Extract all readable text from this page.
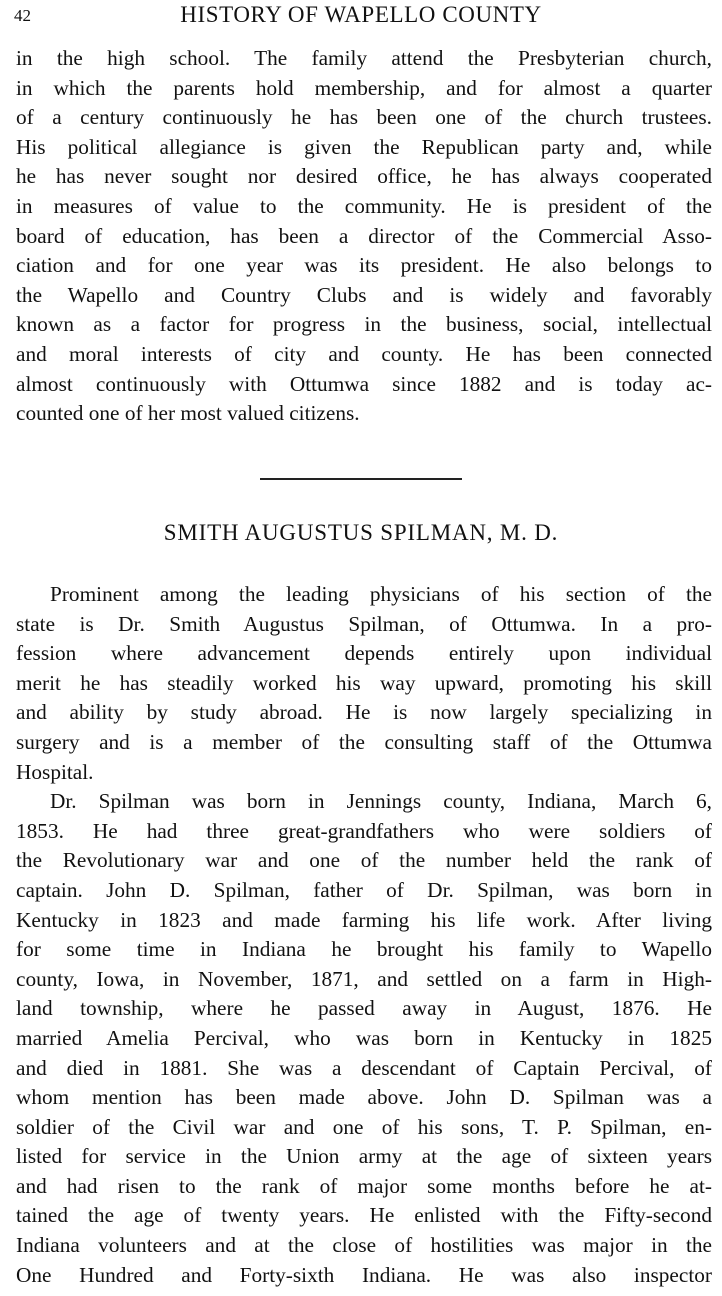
42	HISTORY OF WAPELLO COUNTY
in the high school. The family attend the Presbyterian church,
in which the parents hold membership, and for almost a quarter
of a century continuously he has been one of the church trustees.
His political allegiance is given the Republican party and, while
he has never sought nor desired office, he has always cooperated
in measures of value to the community. He is president of the
board of education, has been a director of the Commercial Asso-
ciation and for one year was its president. He also belongs to
the Wapello and Country Clubs and is widely and favorably
known as a factor for progress in the business, social, intellectual
and moral interests of city and county. He has been connected
almost continuously with Ottumwa since 1882 and is today ac-
counted one of her most valued citizens.
SMITH AUGUSTUS SPILMAN, M. D.
Prominent among the leading physicians of his section of the
state is Dr. Smith Augustus Spilman, of Ottumwa. In a pro-
fession where advancement depends entirely upon individual
merit he has steadily worked his way upward, promoting his skill
and ability by study abroad. He is now largely specializing in
surgery and is a member of the consulting staff of the Ottumwa
Hospital.
Dr. Spilman was born in Jennings county, Indiana, March 6,
1853. He had three great-grandfathers who were soldiers of
the Revolutionary war and one of the number held the rank of
captain. John D. Spilman, father of Dr. Spilman, was born in
Kentucky in 1823 and made farming his life work. After living
for some time in Indiana he brought his family to Wapello
county, Iowa, in November, 1871, and settled on a farm in High-
land township, where he passed away in August, 1876. He
married Amelia Percival, who was born in Kentucky in 1825
and died in 1881. She was a descendant of Captain Percival, of
whom mention has been made above. John D. Spilman was a
soldier of the Civil war and one of his sons, T. P. Spilman, en-
listed for service in the Union army at the age of sixteen years
and had risen to the rank of major some months before he at-
tained the age of twenty years. He enlisted with the Fifty-second
Indiana volunteers and at the close of hostilities was major in the
One Hundred and Forty-sixth Indiana. He was also inspector
